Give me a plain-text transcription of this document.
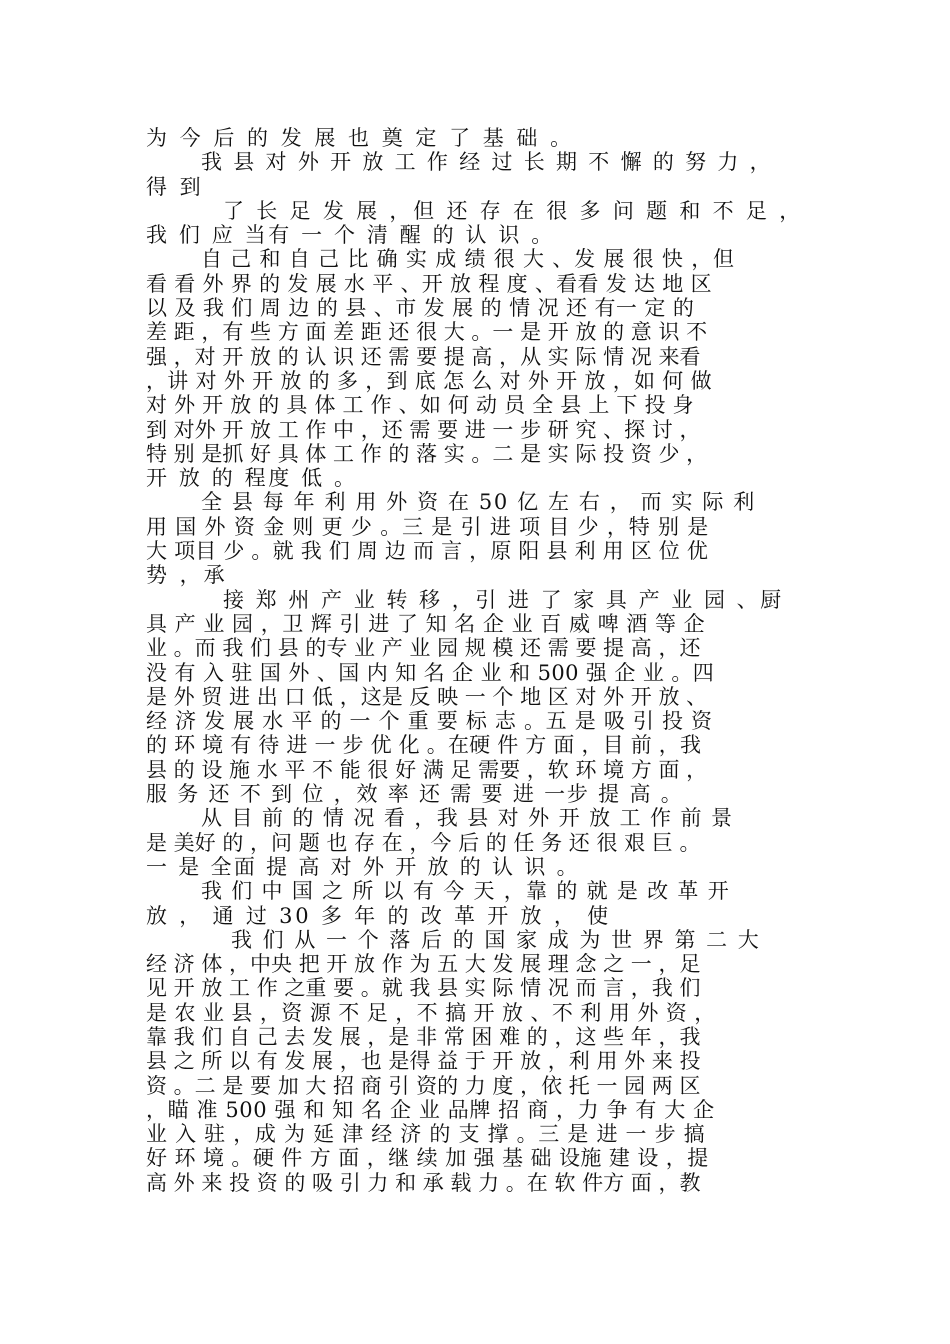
为 今 后 的 发 展 也 奠 定 了 基 础 。
我 县 对 外 开 放 工 作 经 过 长 期 不 懈 的 努 力 ，
得 到
了 长 足 发 展 ，但 还 存 在 很 多 问 题 和 不 足 ，
我 们 应 当有 一 个 清 醒 的 认 识 。
自 己 和 自 己 比 确 实 成 绩 很 大 、发 展 很 快 ，但
看 看 外 界 的 发 展 水 平 、开 放 程 度 、看看 发 达 地 区
以 及 我 们 周 边 的 县 、市 发 展 的 情 况 还 有一 定 的
差 距 ，有 些 方 面 差 距 还 很 大 。一 是 开 放 的 意 识 不
强 ，对 开 放 的 认 识 还 需 要 提 高 ，从 实 际 情 况 来看
，讲 对 外 开 放 的 多 ，到 底 怎 么 对 外 开 放 ，如 何 做
对 外 开 放 的 具 体 工 作 、如 何 动 员 全 县 上 下 投 身
到 对外 开 放 工 作 中 ，还 需 要 进 一 步 研 究 、探 讨 ，
特 别 是抓 好 具 体 工 作 的 落 实 。二 是 实 际 投 资 少 ，
开 放 的 程度 低 。
全 县 每 年 利 用 外 资 在 50 亿 左 右 ， 而 实 际 利
用 国 外 资 金 则 更 少 。三 是 引 进 项 目 少 ，特 别 是
大 项目 少 。就 我 们 周 边 而 言 ，原 阳 县 利 用 区 位 优
势 ，承
接 郑 州 产 业 转 移 ，引 进 了 家 具 产 业 园 、厨
具 产 业 园 ，卫 辉 引 进 了 知 名 企 业 百 威 啤 酒 等 企
业 。而 我 们 县 的专 业 产 业 园 规 模 还 需 要 提 高 ，还
没 有 入 驻 国 外 、国 内 知 名 企 业 和 500 强 企 业 。四
是 外 贸 进 出 口 低 ，这是 反 映 一 个 地 区 对 外 开 放 、
经 济 发 展 水 平 的 一 个 重 要 标 志 。五 是 吸 引 投 资
的 环 境 有 待 进 一 步 优 化 。在硬 件 方 面 ，目 前 ，我
县 的 设 施 水 平 不 能 很 好 满 足 需要 ，软 环 境 方 面 ，
服 务 还 不 到 位 ，效 率 还 需 要 进 一步 提 高 。
从 目 前 的 情 况 看 ，我 县 对 外 开 放 工 作 前 景
是 美好 的 ，问 题 也 存 在 ，今 后 的 任 务 还 很 艰 巨 。
一 是 全面 提 高 对 外 开 放 的 认 识 。
我 们 中 国 之 所 以 有 今 天 ，靠 的 就 是 改 革 开
放 ， 通 过 30 多 年 的 改 革 开 放 ， 使
我 们 从 一 个 落 后 的 国 家 成 为 世 界 第 二 大
经 济 体 ，中央 把 开 放 作 为 五 大 发 展 理 念 之 一 ，足
见 开 放 工 作 之重 要 。就 我 县 实 际 情 况 而 言 ，我 们
是 农 业 县 ，资 源 不 足 ，不 搞 开 放 、不 利 用 外 资 ，
靠 我 们 自 己 去 发 展 ，是 非 常 困 难 的 ，这 些 年 ，我
县 之 所 以 有 发 展 ，也 是得 益 于 开 放 ，利 用 外 来 投
资 。二 是 要 加 大 招 商 引 资的 力 度 ，依 托 一 园 两 区
，瞄 准 500 强 和 知 名 企 业 品牌 招 商 ，力 争 有 大 企
业 入 驻 ，成 为 延 津 经 济 的 支 撑 。三 是 进 一 步 搞
好 环 境 。硬 件 方 面 ，继 续 加 强 基 础 设施 建 设 ，提
高 外 来 投 资 的 吸 引 力 和 承 载 力 。在 软 件方 面 ，教
